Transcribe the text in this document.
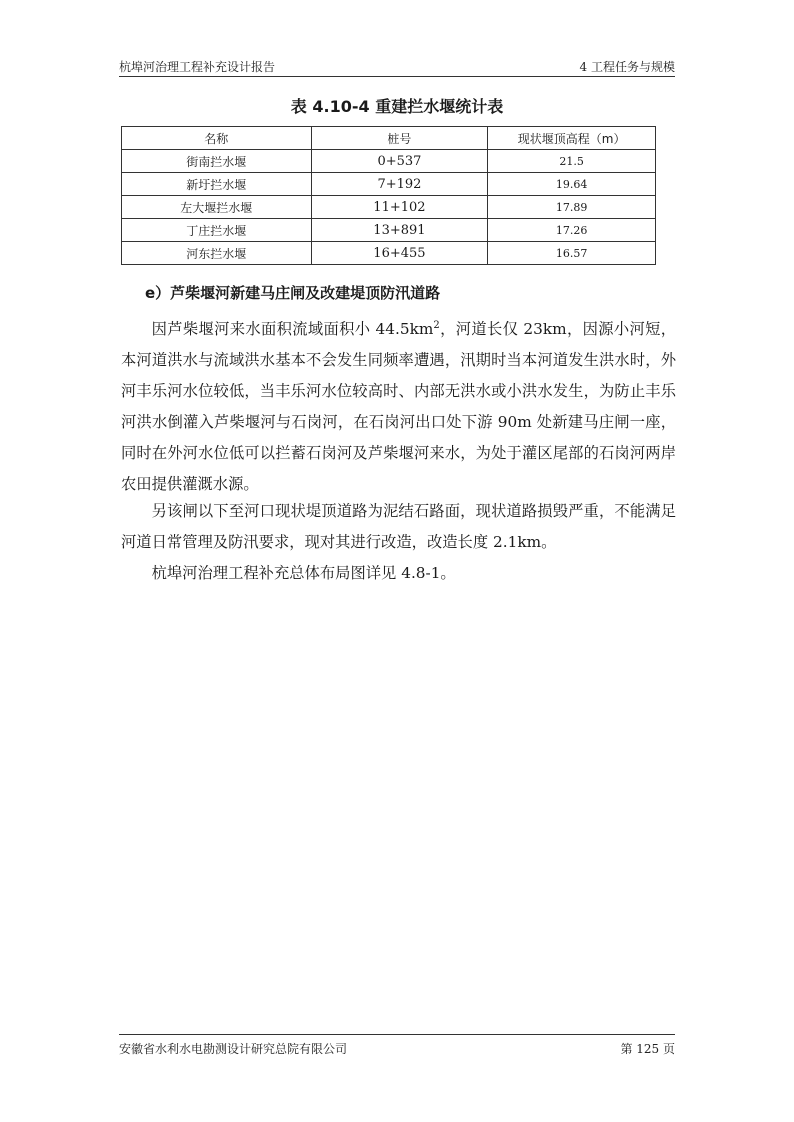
杭埠河治理工程补充设计报告	4 工程任务与规模
表 4.10-4 重建拦水堰统计表
名称	桩号	现状堰顶高程（m）
街南拦水堰	0+537	21.5
新圩拦水堰	7+192	19.64
左大堰拦水堰	11+102	17.89
丁庄拦水堰	13+891	17.26
河东拦水堰	16+455	16.57
e）芦柴堰河新建马庄闸及改建堤顶防汛道路

因芦柴堰河来水面积流域面积小 $44.5km^2$，河道长仅 23km，因源小河短，本河道洪水与流域洪水基本不会发生同频率遭遇，汛期时当本河道发生洪水时，外河丰乐河水位较低，当丰乐河水位较高时、内部无洪水或小洪水发生，为防止丰乐河洪水倒灌入芦柴堰河与石岗河，在石岗河出口处下游 90m 处新建马庄闸一座，同时在外河水位低可以拦蓄石岗河及芦柴堰河来水，为处于灌区尾部的石岗河两岸农田提供灌溉水源。

另该闸以下至河口现状堤顶道路为泥结石路面，现状道路损毁严重，不能满足河道日常管理及防汛要求，现对其进行改造，改造长度 2.1km。

杭埠河治理工程补充总体布局图详见 4.8-1。

安徽省水利水电勘测设计研究总院有限公司	第 125 页
